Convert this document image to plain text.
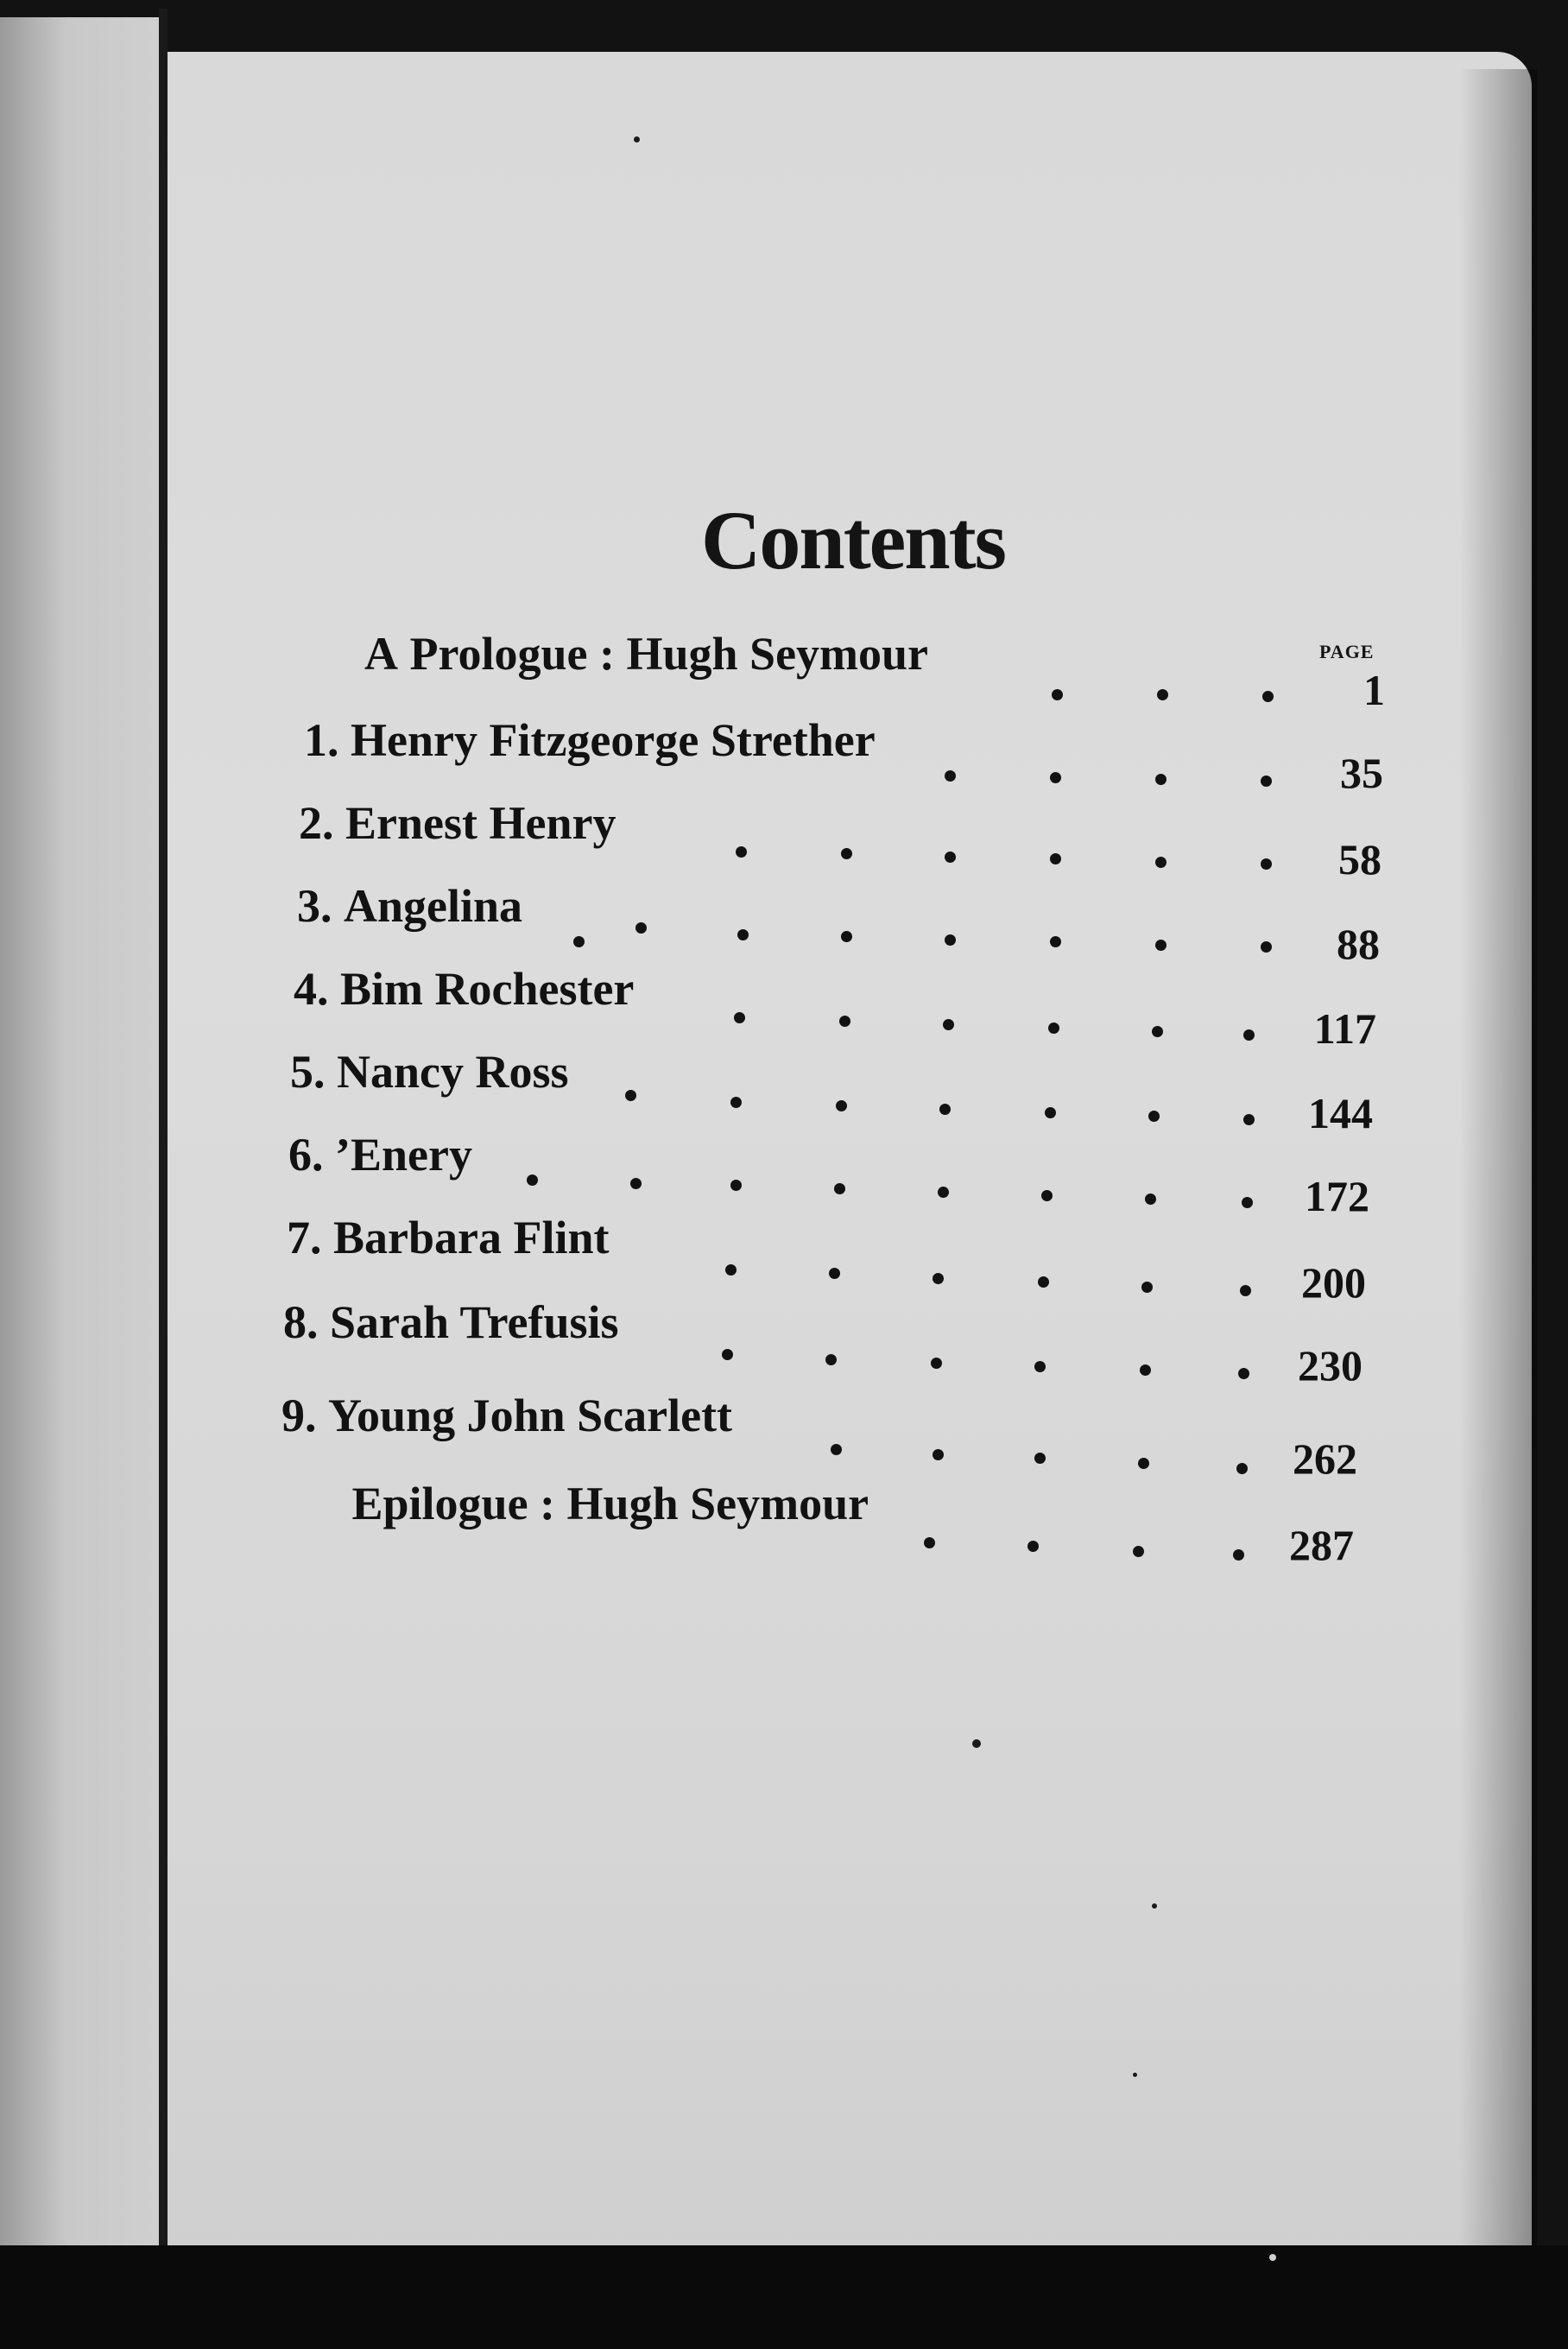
Contents
PAGE
A Prologue : Hugh Seymour
1
1. Henry Fitzgeorge Strether
35
2. Ernest Henry
58
3. Angelina
88
4. Bim Rochester
117
5. Nancy Ross
144
6. ’Enery
172
7. Barbara Flint
200
8. Sarah Trefusis
230
9. Young John Scarlett
262
Epilogue : Hugh Seymour
287
